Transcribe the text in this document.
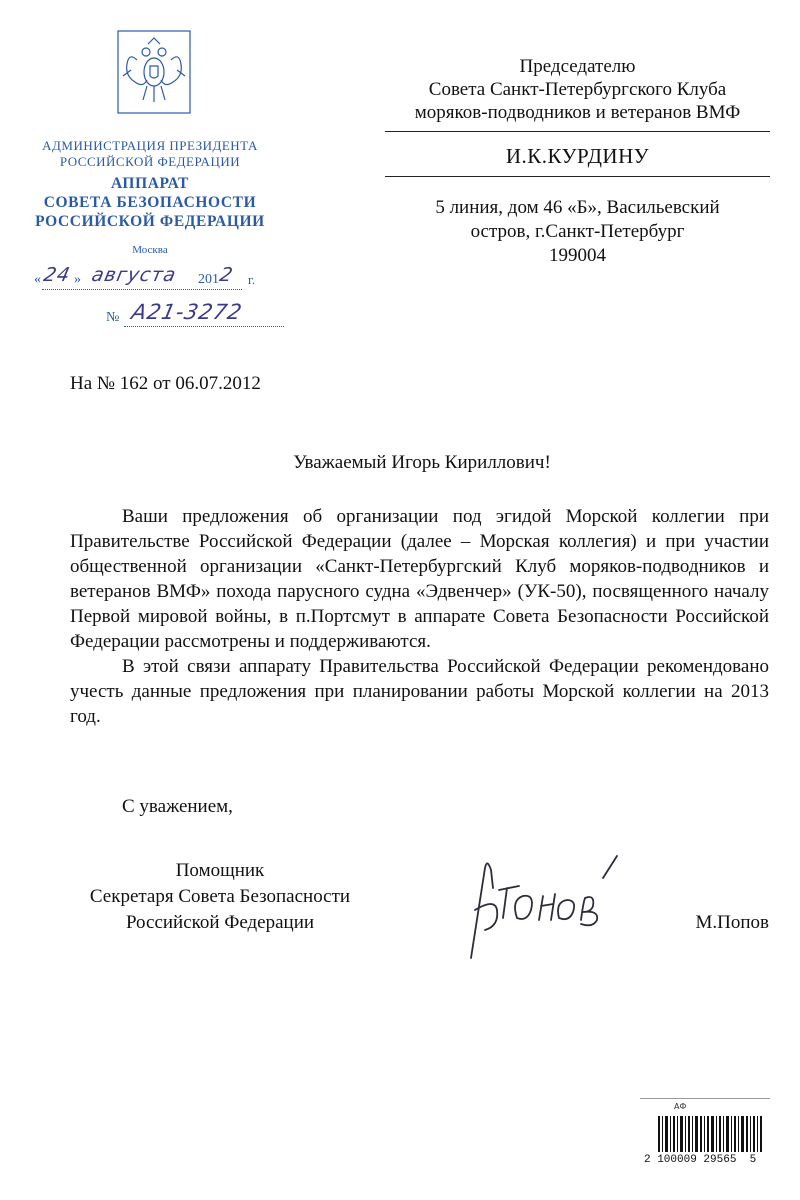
АДМИНИСТРАЦИЯ ПРЕЗИДЕНТА
РОССИЙСКОЙ ФЕДЕРАЦИИ
АППАРАТ
СОВЕТА БЕЗОПАСНОСТИ
РОССИЙСКОЙ ФЕДЕРАЦИИ
Москва
« 24 » августа 201
2 г.
№ А21-3272
Председателю
Совета Санкт-Петербургского Клуба
моряков-подводников и ветеранов ВМФ
И.К.КУРДИНУ
5 линия, дом 46 «Б», Васильевский
остров, г.Санкт-Петербург
199004
На № 162 от 06.07.2012
Уважаемый Игорь Кириллович!

Ваши предложения об организации под эгидой Морской коллегии при Правительстве Российской Федерации (далее – Морская коллегия) и при участии общественной организации «Санкт-Петербургский Клуб моряков-подводников и ветеранов ВМФ» похода парусного судна «Эдвенчер» (УК-50), посвященного началу Первой мировой войны, в п.Портсмут в аппарате Совета Безопасности Российской Федерации рассмотрены и поддерживаются.

В этой связи аппарату Правительства Российской Федерации рекомендовано учесть данные предложения при планировании работы Морской коллегии на 2013 год.

С уважением,
Помощник
Секретаря Совета Безопасности
Российской Федерации	М.Попов
АФ
2 100009 29565  5
